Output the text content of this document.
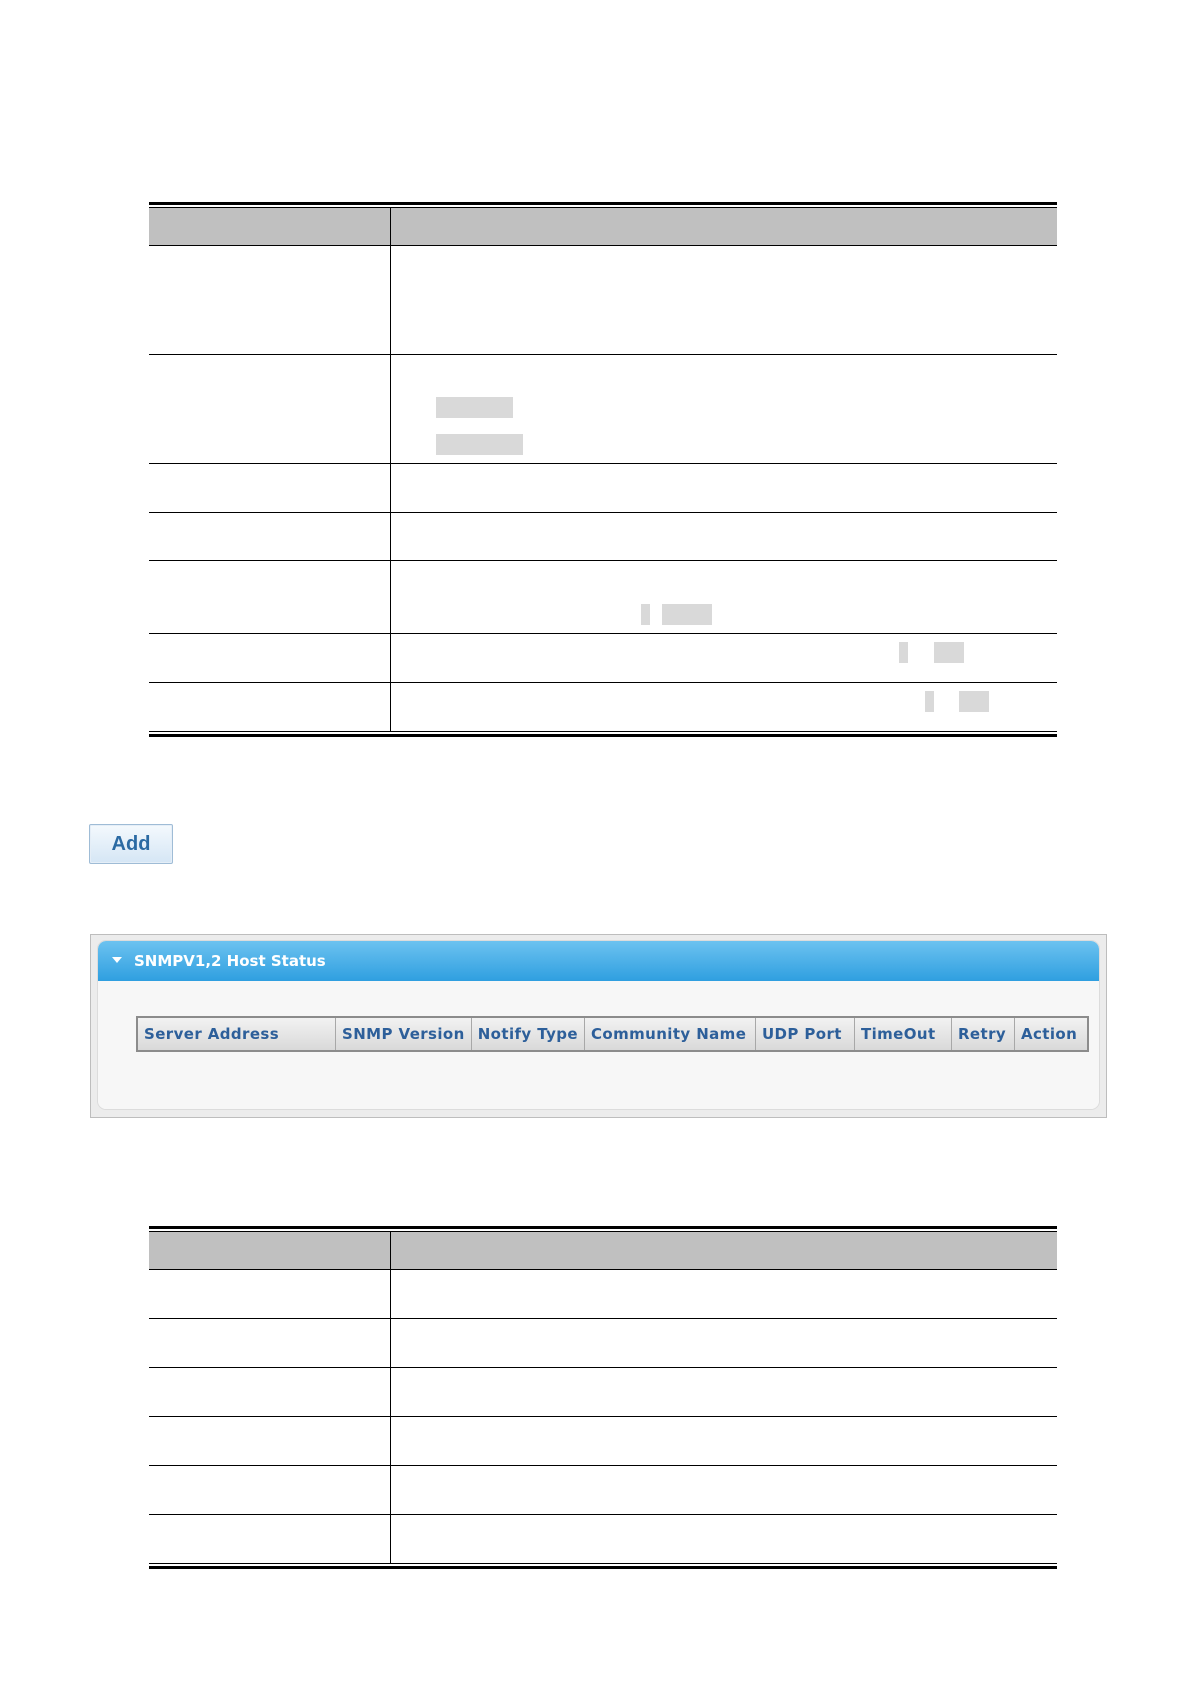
Add
SNMPV1,2 Host Status
Server Address	SNMP Version	Notify Type	Community Name	UDP Port	TimeOut	Retry	Action
